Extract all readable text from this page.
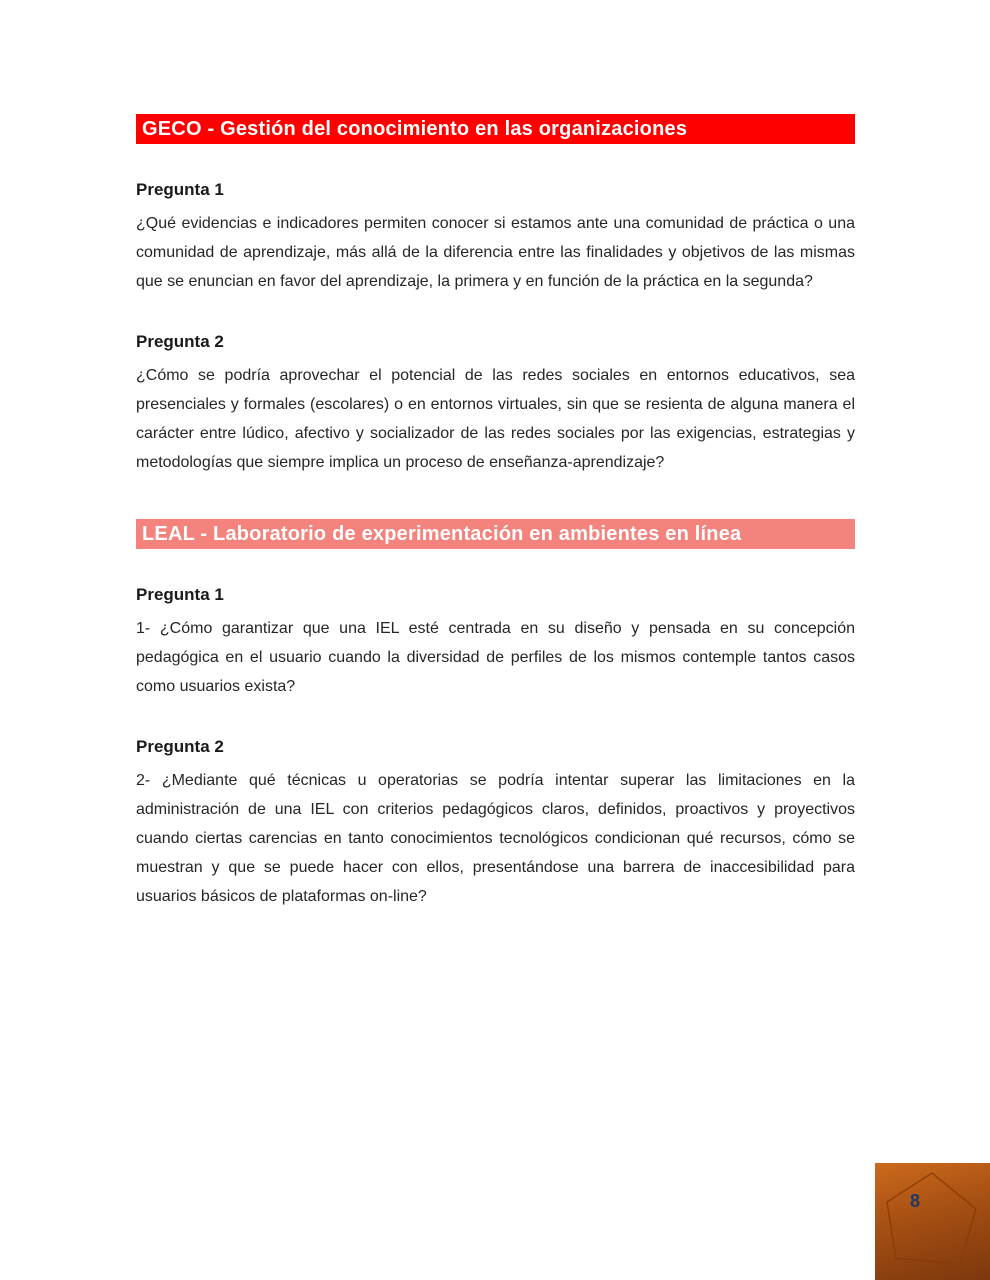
GECO - Gestión del conocimiento en las organizaciones
Pregunta 1

¿Qué evidencias e indicadores permiten conocer si estamos ante una comunidad de práctica o una comunidad de aprendizaje, más allá de la diferencia entre las finalidades y objetivos de las mismas que se enuncian en favor del aprendizaje, la primera y en función de la práctica en la segunda?

Pregunta 2

¿Cómo se podría aprovechar el potencial de las redes sociales en entornos educativos, sea presenciales y formales (escolares) o en entornos virtuales, sin que se resienta de alguna manera el carácter entre lúdico, afectivo y socializador de las redes sociales por las exigencias, estrategias y metodologías que siempre implica un proceso de enseñanza-aprendizaje?

LEAL - Laboratorio de experimentación en ambientes en línea
Pregunta 1

1- ¿Cómo garantizar que una IEL esté centrada en su diseño y pensada en su concepción pedagógica en el usuario cuando la diversidad de perfiles de los mismos contemple tantos casos como usuarios exista?

Pregunta 2

2- ¿Mediante qué técnicas u operatorias se podría intentar superar las limitaciones en la administración de una IEL con criterios pedagógicos claros, definidos, proactivos y proyectivos cuando ciertas carencias en tanto conocimientos tecnológicos condicionan qué recursos, cómo se muestran y que se puede hacer con ellos, presentándose una barrera de inaccesibilidad para usuarios básicos de plataformas on-line?

8
